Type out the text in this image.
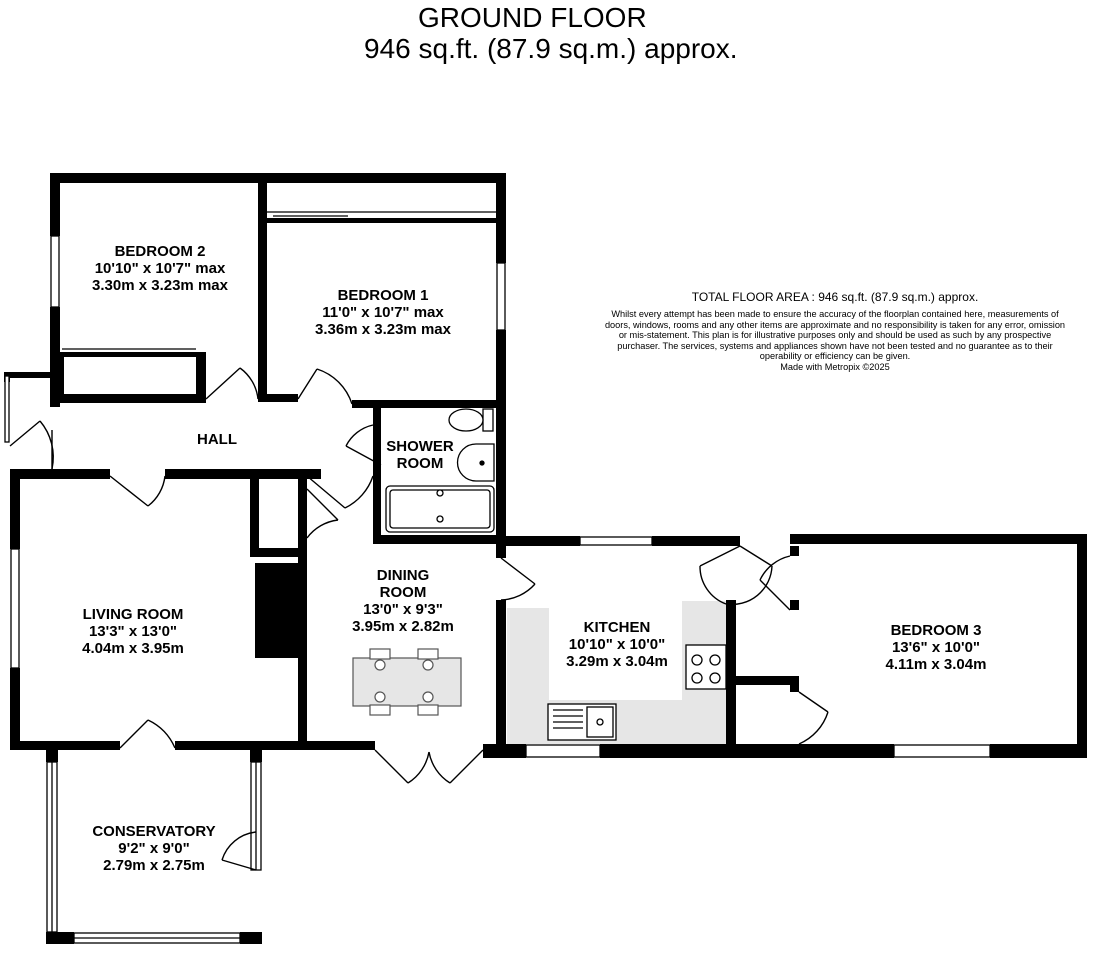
GROUND FLOOR
946 sq.ft. (87.9 sq.m.) approx.
TOTAL FLOOR AREA : 946 sq.ft. (87.9 sq.m.) approx.
Whilst every attempt has been made to ensure the accuracy of the floorplan contained here, measurements of doors, windows, rooms and any other items are approximate and no responsibility is taken for any error, omission or mis-statement. This plan is for illustrative purposes only and should be used as such by any prospective purchaser. The services, systems and appliances shown have not been tested and no guarantee as to their operability or efficiency can be given.
Made with Metropix ©2025
BEDROOM 2
10'10" x 10'7" max
3.30m x 3.23m max
BEDROOM 1
11'0" x 10'7" max
3.36m x 3.23m max
HALL	SHOWER
ROOM
LIVING ROOM
13'3" x 13'0"
4.04m x 3.95m
DINING
ROOM
13'0" x 9'3"
3.95m x 2.82m	KITCHEN
10'10" x 10'0"
3.29m x 3.04m
BEDROOM 3
13'6" x 10'0"
4.11m x 3.04m
CONSERVATORY
9'2" x 9'0"
2.79m x 2.75m
